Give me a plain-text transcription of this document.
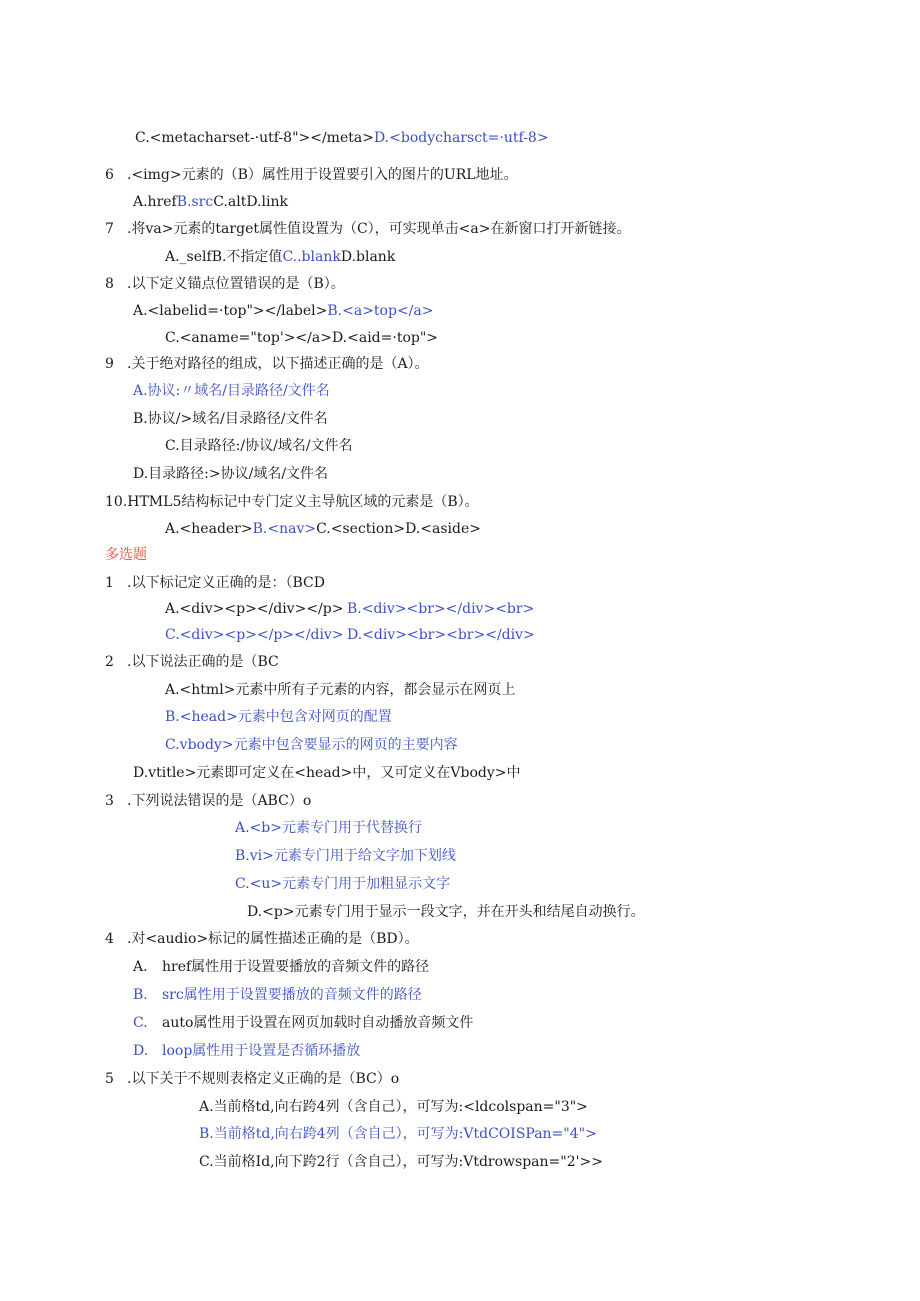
C.<metacharset-·utf-8"><∕meta>D.<bodycharsct=·utf-8>
6 .<img>元素的（B）属性用于设置要引入的图片的URL地址。
A.hrefB.srcC.altD.link
7 .将va>元素的target属性值设置为（C），可实现单击<a>在新窗口打开新链接。
A._selfB.不指定值C..blankD.blank
8 .以下定义锚点位置错误的是（B）。
A.<labelid=·top"><∕label>B.<a>top<∕a>
C.<aname="top'><∕a>D.<aid=·top">
9 .关于绝对路径的组成，以下描述正确的是（A）。
A.协议:〃域名/目录路径/文件名
B.协议/>域名/目录路径/文件名
C.目录路径:/协议/域名/文件名
D.目录路径:>协议/域名/文件名
10.HTML5结构标记中专门定义主导航区域的元素是（B）。
A.<header>B.<nav>C.<section>D.<aside>
多选题
1 .以下标记定义正确的是：（BCD
A.<div><p><∕div><∕p> B.<div><br><∕div><br>
C.<div><p><∕p><∕div> D.<div><br><br><∕div>
2 .以下说法正确的是（BC
A.<html>元素中所有子元素的内容，都会显示在网页上
B.<head>元素中包含对网页的配置
C.vbody>元素中包含要显示的网页的主要内容
D.vtitle>元素即可定义在<head>中，又可定义在Vbody>中
3 .下列说法错误的是（ABC）o
A.<b>元素专门用于代替换行
B.vi>元素专门用于给文字加下划线
C.<u>元素专门用于加粗显示文字
D.<p>元素专门用于显示一段文字，并在开头和结尾自动换行。
4 .对<audio>标记的属性描述正确的是（BD）。
A. href属性用于设置要播放的音频文件的路径
B. src属性用于设置要播放的音频文件的路径
C. auto属性用于设置在网页加载时自动播放音频文件
D. loop属性用于设置是否循环播放
5 .以下关于不规则表格定义正确的是（BC）o
A.当前格td,向右跨4列（含自己），可写为:<ldcolspan="3">
B.当前格td,向右跨4列（含自己），可写为:VtdCOISPan="4">
C.当前格Id,向下跨2行（含自己），可写为:Vtdrowspan="2'>>
